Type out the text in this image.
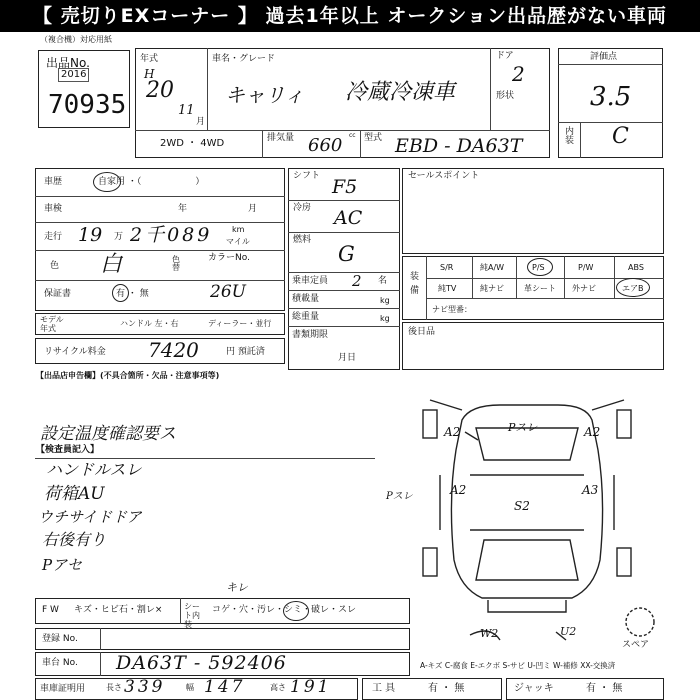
【 売切りEXコーナー 】 過去1年以上 オークション出品歴がない車両
（複合機）対応用紙
出品No.
2016
70935
年式
H
20
11
月
車名・グレード
キャリィ 冷蔵冷凍車
ドア
2
形状
2WD ・ 4WD	排気量 660 cc 型式 EBD - DA63T
評価点
3.5
内装 C
車歴	自家用 ・（　　　　　　）
車検	年	月
走行 19 万 2千089 km
マイル
色 白	色替
カラーNo.
保証書	有 ・ 無	26U
モデル年式
ハンドル 左・右	ディーラー・並行
リサイクル料金 7420	円 預託済
シフト F5
冷房 AC
燃料
G
乗車定員 2 名
積載量	kg
総重量	kg
書類期限
月日
セールスポイント
装備
S/R	純A/W	P/S	P/W	ABS
純TV	純ナビ	革シート 外ナビ	エアB
ナビ型番：
後日品
【出品店申告欄】(不具合箇所・欠品・注意事項等)
設定温度確認要ス
【検査員記入】
ハンドルスレ
荷箱AU
ウチサイドドア
右後有り
Pアセ
A2	A2
Pスレ
A2
S2
A3
Pスレ
W2	U2
スペア
F W キズ・ヒビ石・割レ×	シート内装
コゲ・穴・汚レ・シミ・破レ・スレ
キレ
登録 No.
車台 No. DA63T - 592406	A-キズ C-腐食 E-エクボ S-サビ U-凹ミ W-補修 XX-交換済
車庫証明用	長さ 339	幅 147	高さ 191	工 具	有 ・ 無	ジャッキ	有 ・ 無
